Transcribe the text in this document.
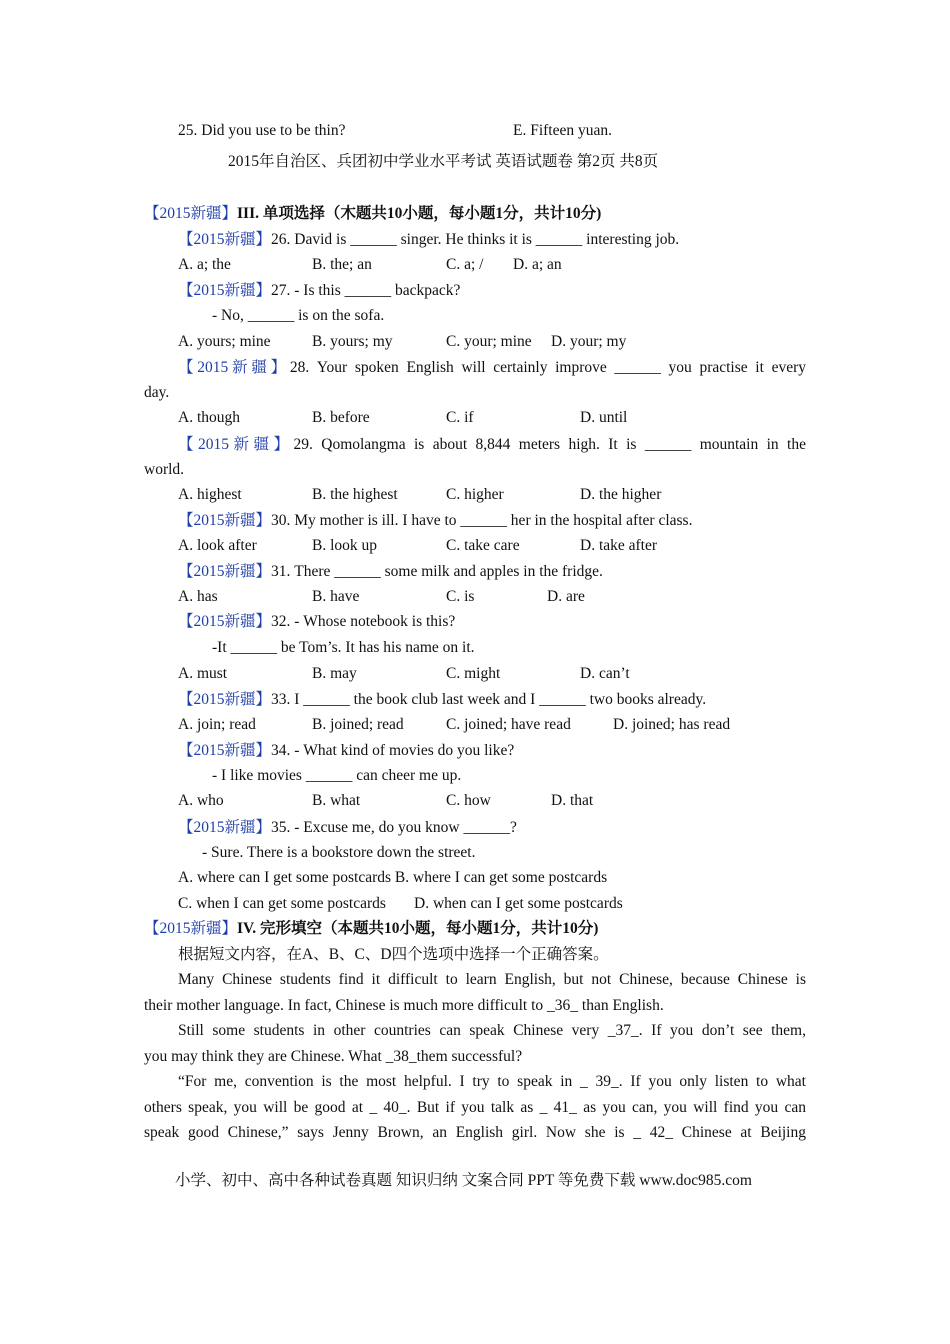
25. Did you use to be thin?	E. Fifteen yuan.
2015年自治区、兵团初中学业水平考试 英语试题卷 第2页 共8页
【2015新疆】III. 单项选择（木题共10小题，每小题1分，共计10分)
【2015新疆】26. David is ______ singer. He thinks it is ______ interesting job.
A. a; the	B. the; an	C. a; / D. a; an
【2015新疆】27. - Is this ______ backpack?
- No, ______ is on the sofa.
A. yours; mine	B. yours; my	C. your; mine D. your; my
【2015新疆】28. Your spoken English will certainly improve ______ you practise it every
day.
A. though	B. before	C. if	D. until
【2015新疆】29. Qomolangma is about 8,844 meters high. It is ______ mountain in the
world.
A. highest	B. the highest	C. higher	D. the higher
【2015新疆】30. My mother is ill. I have to ______ her in the hospital after class.
A. look after	B. look up	C. take care	D. take after
【2015新疆】31. There ______ some milk and apples in the fridge.
A. has	B. have	C. is	D. are
【2015新疆】32. - Whose notebook is this?
-It ______ be Tom’s. It has his name on it.
A. must	B. may	C. might	D. can’t
【2015新疆】33. I ______ the book club last week and I ______ two books already.
A. join; read	B. joined; read	C. joined; have read	D. joined; has read
【2015新疆】34. - What kind of movies do you like?
- I like movies ______ can cheer me up.
A. who	B. what	C. how	D. that
【2015新疆】35. - Excuse me, do you know ______?
- Sure. There is a bookstore down the street.
A. where can I get some postcards B. where I can get some postcards
C. when I can get some postcards D. when can I get some postcards
【2015新疆】IV. 完形填空（本题共10小题，每小题1分，共计10分)
根据短文内容，在A、B、C、D四个选项中选择一个正确答案。
Many Chinese students find it difficult to learn English, but not Chinese, because Chinese is
their mother language. In fact, Chinese is much more difficult to _36_ than English.
Still some students in other countries can speak Chinese very _37_. If you don’t see them,
you may think they are Chinese. What _38_them successful?
“For me, convention is the most helpful. I try to speak in _ 39_. If you only listen to what
others speak, you will be good at _ 40_. But if you talk as _ 41_ as you can, you will find you can
speak good Chinese,” says Jenny Brown, an English girl. Now she is _ 42_ Chinese at Beijing
小学、初中、高中各种试卷真题 知识归纳 文案合同 PPT 等免费下载 www.doc985.com
